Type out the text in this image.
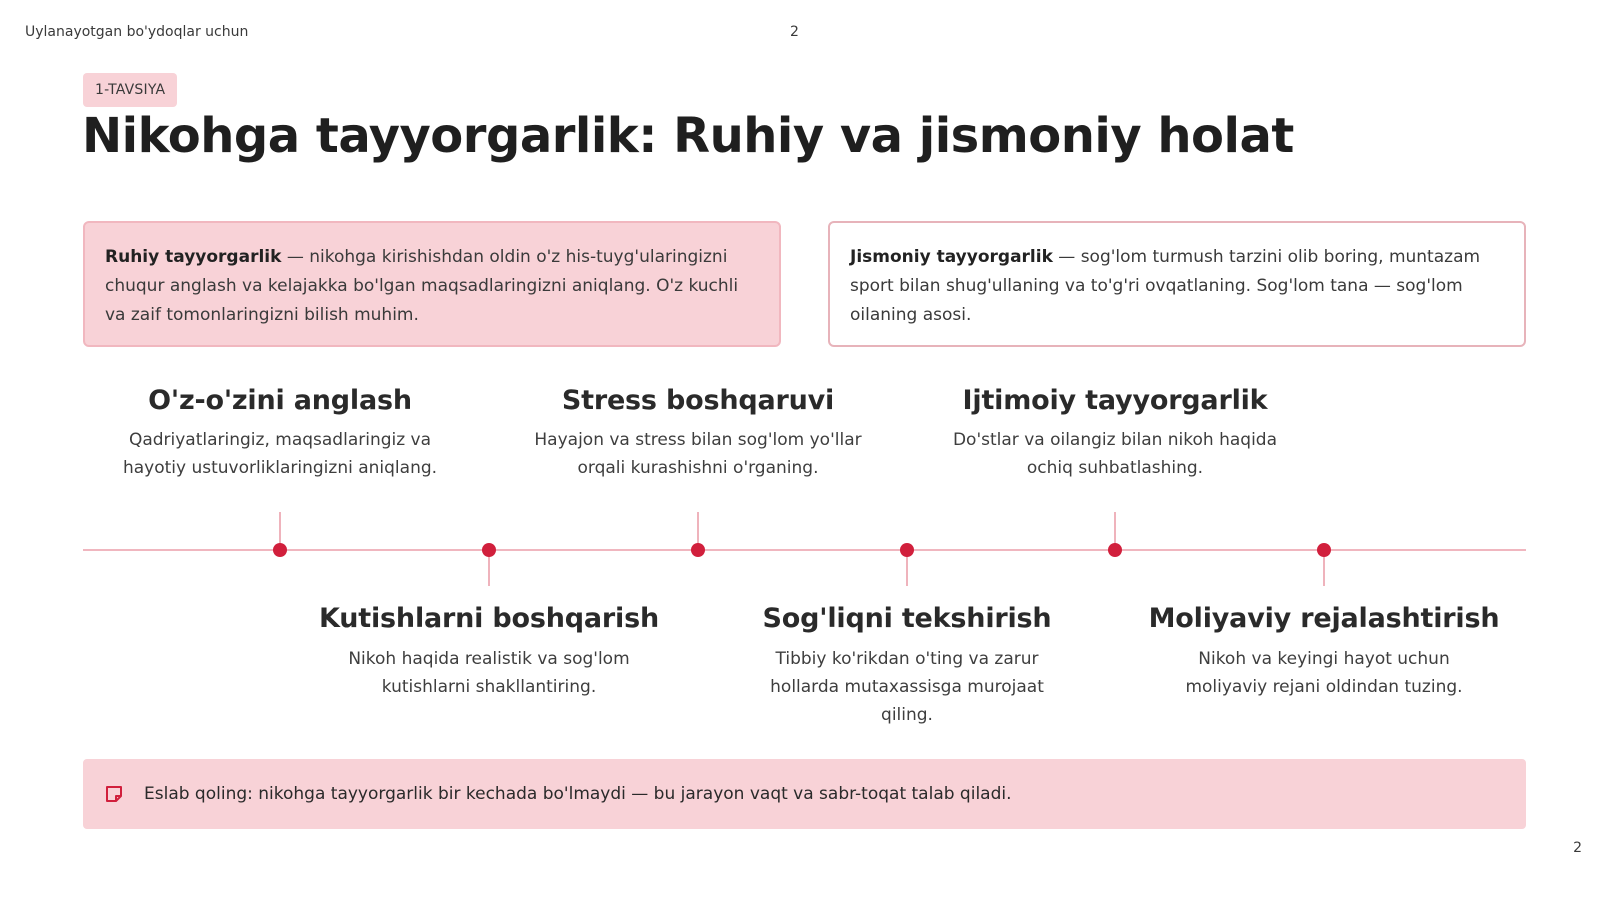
Uylanayotgan bo'ydoqlar uchun	2
1-TAVSIYA
Nikohga tayyorgarlik: Ruhiy va jismoniy holat
Ruhiy tayyorgarlik — nikohga kirishishdan oldin o'z his-tuyg'ularingizni chuqur anglash va kelajakka bo'lgan maqsadlaringizni aniqlang. O'z kuchli va zaif tomonlaringizni bilish muhim.
Jismoniy tayyorgarlik — sog'lom turmush tarzini olib boring, muntazam sport bilan shug'ullaning va to'g'ri ovqatlaning. Sog'lom tana — sog'lom oilaning asosi.
O'z-o'zini anglash

Qadriyatlaringiz, maqsadlaringiz va hayotiy ustuvorliklaringizni aniqlang.

Stress boshqaruvi

Hayajon va stress bilan sog'lom yo'llar orqali kurashishni o'rganing.

Ijtimoiy tayyorgarlik

Do'stlar va oilangiz bilan nikoh haqida ochiq suhbatlashing.

Kutishlarni boshqarish

Nikoh haqida realistik va sog'lom kutishlarni shakllantiring.

Sog'liqni tekshirish

Tibbiy ko'rikdan o'ting va zarur hollarda mutaxassisga murojaat qiling.

Moliyaviy rejalashtirish

Nikoh va keyingi hayot uchun moliyaviy rejani oldindan tuzing.

Eslab qoling: nikohga tayyorgarlik bir kechada bo'lmaydi — bu jarayon vaqt va sabr-toqat talab qiladi.
2
